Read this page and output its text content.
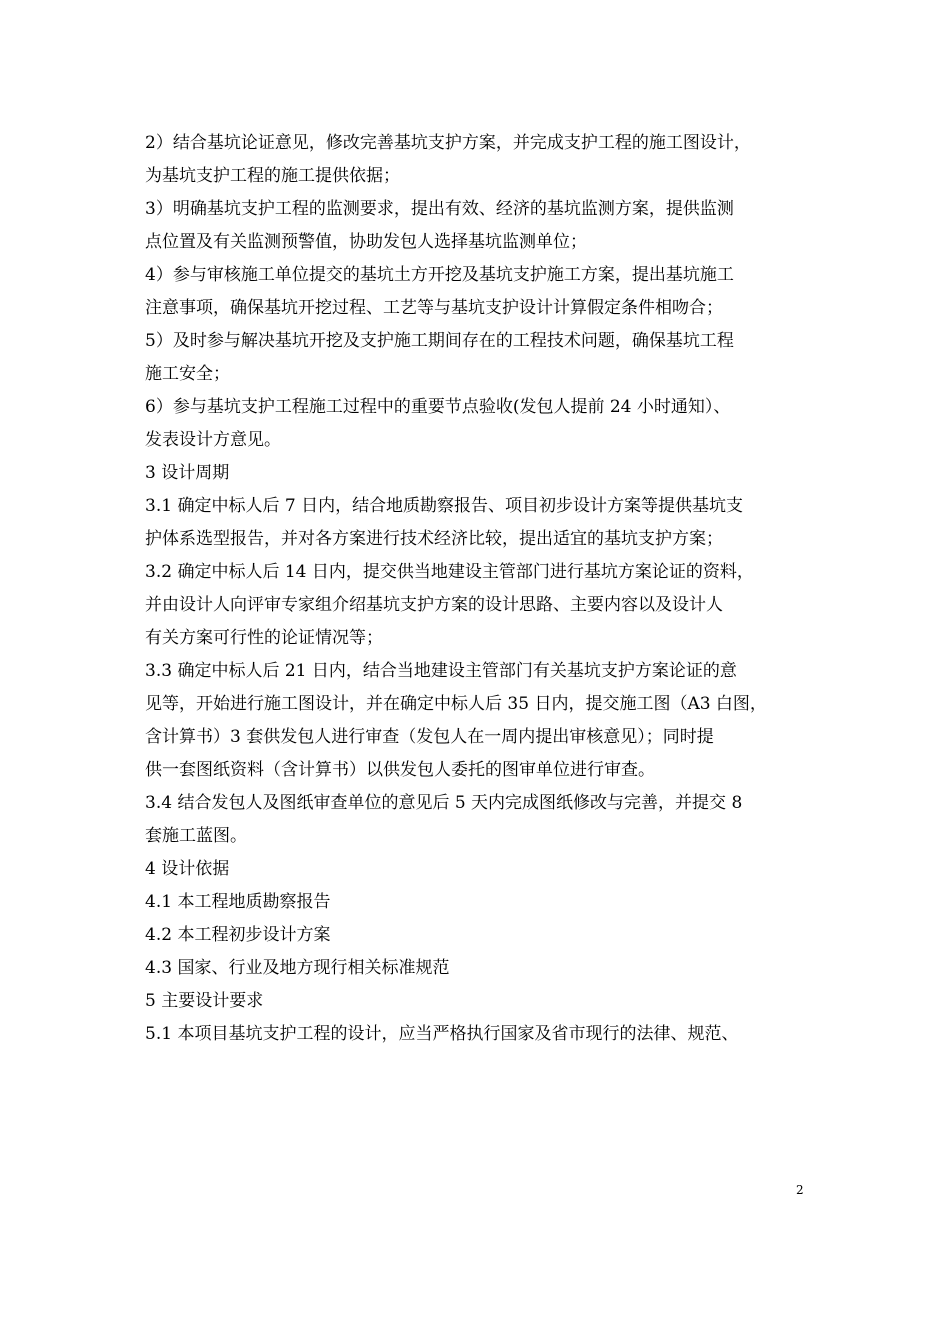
2）结合基坑论证意见，修改完善基坑支护方案，并完成支护工程的施工图设计，

为基坑支护工程的施工提供依据；

3）明确基坑支护工程的监测要求，提出有效、经济的基坑监测方案，提供监测

点位置及有关监测预警值，协助发包人选择基坑监测单位；

4）参与审核施工单位提交的基坑土方开挖及基坑支护施工方案，提出基坑施工

注意事项，确保基坑开挖过程、工艺等与基坑支护设计计算假定条件相吻合；

5）及时参与解决基坑开挖及支护施工期间存在的工程技术问题，确保基坑工程

施工安全；

6）参与基坑支护工程施工过程中的重要节点验收(发包人提前 24 小时通知）、

发表设计方意见。

3 设计周期

3.1 确定中标人后 7 日内，结合地质勘察报告、项目初步设计方案等提供基坑支

护体系选型报告，并对各方案进行技术经济比较，提出适宜的基坑支护方案；

3.2 确定中标人后 14 日内，提交供当地建设主管部门进行基坑方案论证的资料，

并由设计人向评审专家组介绍基坑支护方案的设计思路、主要内容以及设计人

有关方案可行性的论证情况等；

3.3 确定中标人后 21 日内，结合当地建设主管部门有关基坑支护方案论证的意

见等，开始进行施工图设计，并在确定中标人后 35 日内，提交施工图（A3 白图，

含计算书）3 套供发包人进行审查（发包人在一周内提出审核意见）；同时提

供一套图纸资料（含计算书）以供发包人委托的图审单位进行审查。

3.4 结合发包人及图纸审查单位的意见后 5 天内完成图纸修改与完善，并提交 8

套施工蓝图。

4 设计依据

4.1 本工程地质勘察报告

4.2 本工程初步设计方案

4.3 国家、行业及地方现行相关标准规范

5 主要设计要求

5.1 本项目基坑支护工程的设计，应当严格执行国家及省市现行的法律、规范、

2
